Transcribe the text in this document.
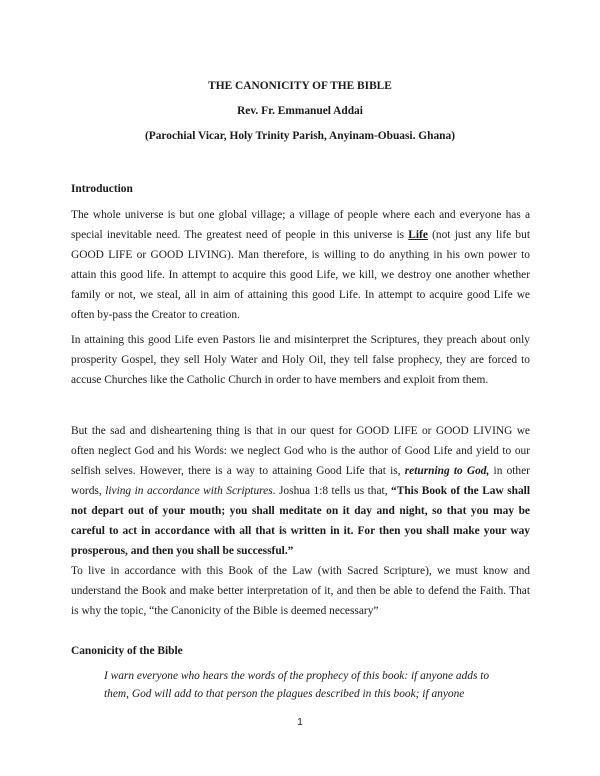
THE CANONICITY OF THE BIBLE
Rev. Fr. Emmanuel Addai
(Parochial Vicar, Holy Trinity Parish, Anyinam-Obuasi. Ghana)
Introduction
The whole universe is but one global village; a village of people where each and everyone has a special inevitable need. The greatest need of people in this universe is Life (not just any life but GOOD LIFE or GOOD LIVING). Man therefore, is willing to do anything in his own power to attain this good life. In attempt to acquire this good Life, we kill, we destroy one another whether family or not, we steal, all in aim of attaining this good Life. In attempt to acquire good Life we often by-pass the Creator to creation.
In attaining this good Life even Pastors lie and misinterpret the Scriptures, they preach about only prosperity Gospel, they sell Holy Water and Holy Oil, they tell false prophecy, they are forced to accuse Churches like the Catholic Church in order to have members and exploit from them.
But the sad and disheartening thing is that in our quest for GOOD LIFE or GOOD LIVING we often neglect God and his Words: we neglect God who is the author of Good Life and yield to our selfish selves. However, there is a way to attaining Good Life that is, returning to God, in other words, living in accordance with Scriptures. Joshua 1:8 tells us that, “This Book of the Law shall not depart out of your mouth; you shall meditate on it day and night, so that you may be careful to act in accordance with all that is written in it. For then you shall make your way prosperous, and then you shall be successful.”
To live in accordance with this Book of the Law (with Sacred Scripture), we must know and understand the Book and make better interpretation of it, and then be able to defend the Faith. That is why the topic, “the Canonicity of the Bible is deemed necessary”
Canonicity of the Bible
I warn everyone who hears the words of the prophecy of this book: if anyone adds to them, God will add to that person the plagues described in this book; if anyone
1
